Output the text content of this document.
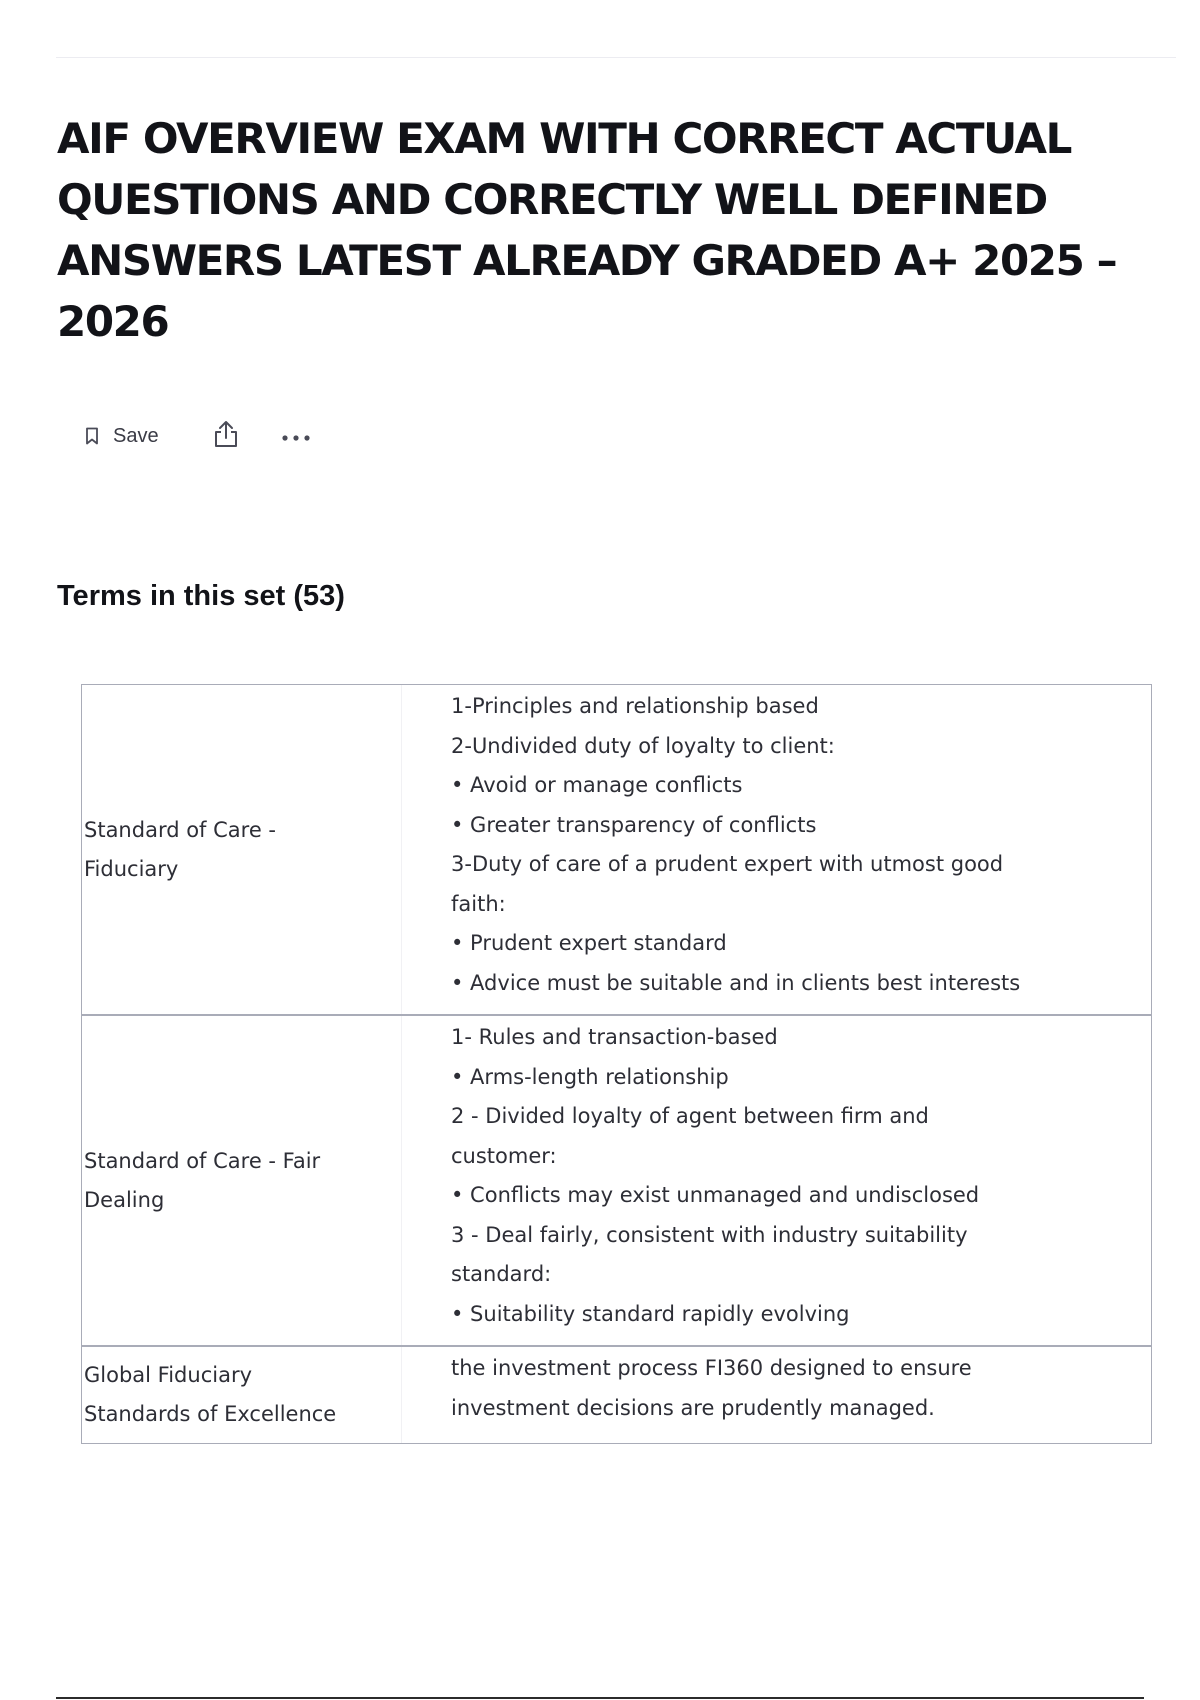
AIF OVERVIEW EXAM WITH CORRECT ACTUAL QUESTIONS AND CORRECTLY WELL DEFINED ANSWERS LATEST ALREADY GRADED A+ 2025 – 2026
Save
Terms in this set (53)
Standard of Care -
Fiduciary
1-Principles and relationship based
2-Undivided duty of loyalty to client:
• Avoid or manage conflicts
• Greater transparency of conflicts
3-Duty of care of a prudent expert with utmost good
faith:
• Prudent expert standard
• Advice must be suitable and in clients best interests
Standard of Care - Fair
Dealing
1- Rules and transaction-based
• Arms-length relationship
2 - Divided loyalty of agent between firm and
customer:
• Conflicts may exist unmanaged and undisclosed
3 - Deal fairly, consistent with industry suitability
standard:
• Suitability standard rapidly evolving
Global Fiduciary
Standards of Excellence
the investment process FI360 designed to ensure
investment decisions are prudently managed.
